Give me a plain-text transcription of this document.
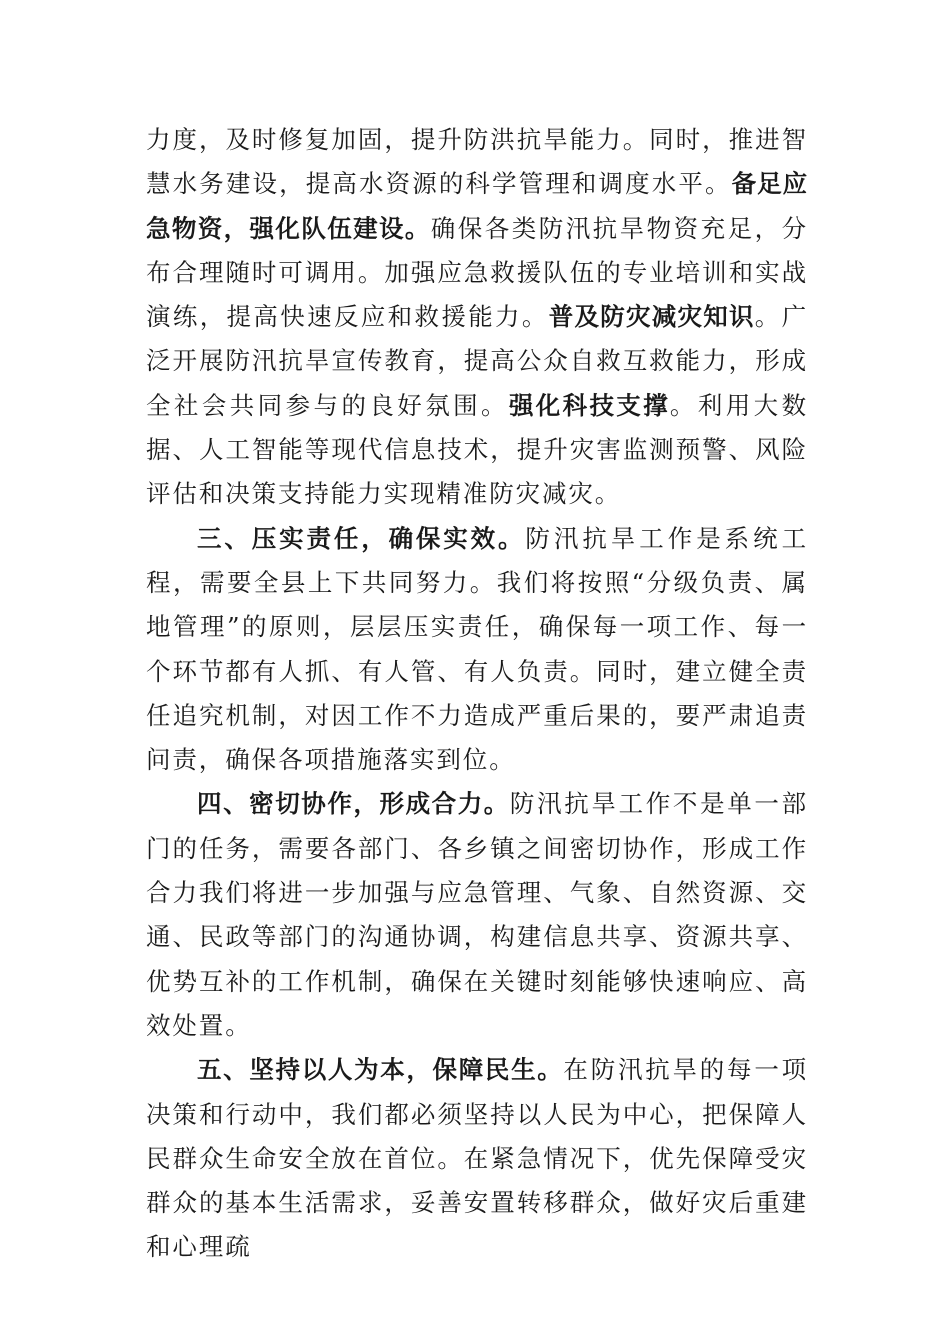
力度，及时修复加固，提升防洪抗旱能力。同时，推进智慧水务建设，提高水资源的科学管理和调度水平。备足应急物资，强化队伍建设。确保各类防汛抗旱物资充足，分布合理随时可调用。加强应急救援队伍的专业培训和实战演练，提高快速反应和救援能力。普及防灾减灾知识。广泛开展防汛抗旱宣传教育，提高公众自救互救能力，形成全社会共同参与的良好氛围。强化科技支撑。利用大数据、人工智能等现代信息技术，提升灾害监测预警、风险评估和决策支持能力实现精准防灾减灾。

三、压实责任，确保实效。防汛抗旱工作是系统工程，需要全县上下共同努力。我们将按照“分级负责、属地管理”的原则，层层压实责任，确保每一项工作、每一个环节都有人抓、有人管、有人负责。同时，建立健全责任追究机制，对因工作不力造成严重后果的，要严肃追责问责，确保各项措施落实到位。

四、密切协作，形成合力。防汛抗旱工作不是单一部门的任务，需要各部门、各乡镇之间密切协作，形成工作合力我们将进一步加强与应急管理、气象、自然资源、交通、民政等部门的沟通协调，构建信息共享、资源共享、优势互补的工作机制，确保在关键时刻能够快速响应、高效处置。

五、坚持以人为本，保障民生。在防汛抗旱的每一项决策和行动中，我们都必须坚持以人民为中心，把保障人民群众生命安全放在首位。在紧急情况下，优先保障受灾群众的基本生活需求，妥善安置转移群众，做好灾后重建和心理疏
